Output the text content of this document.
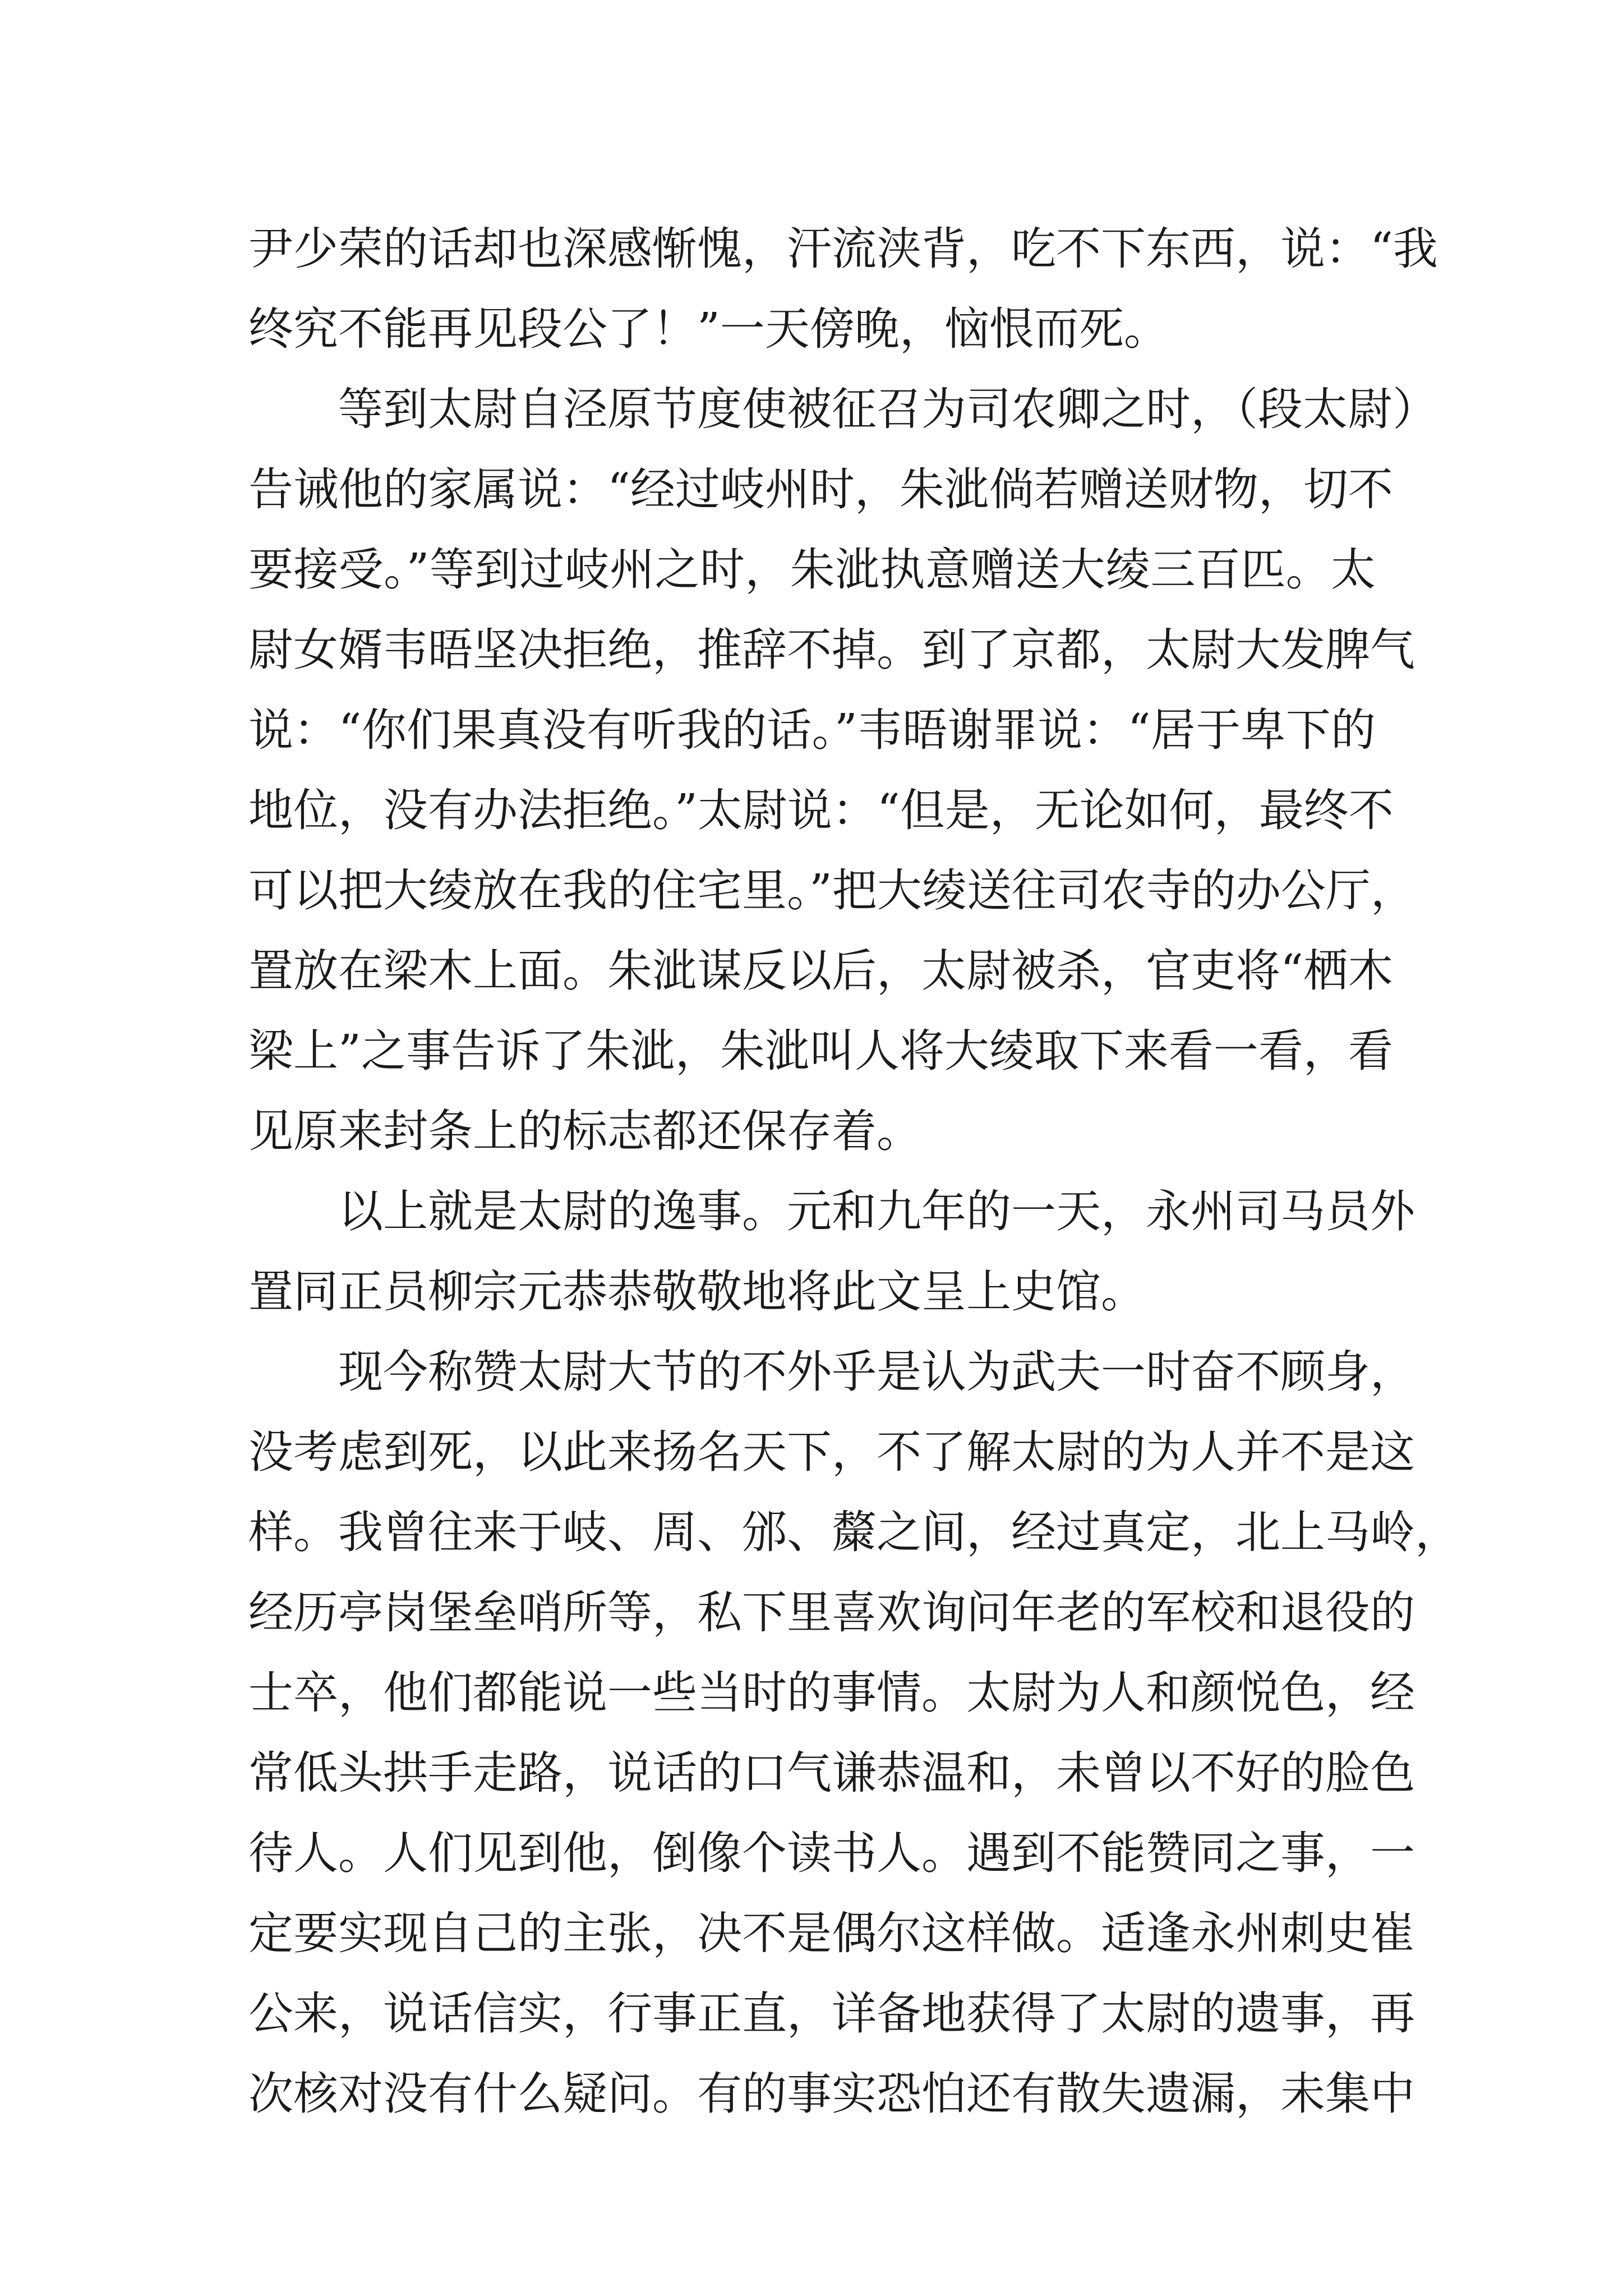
尹少荣的话却也深感惭愧，汗流浃背，吃不下东西，说：“我
终究不能再见段公了！”一天傍晚，恼恨而死。
等到太尉自泾原节度使被征召为司农卿之时，（段太尉）
告诫他的家属说：“经过岐州时，朱泚倘若赠送财物，切不
要接受。”等到过岐州之时，朱泚执意赠送大绫三百匹。太
尉女婿韦晤坚决拒绝，推辞不掉。到了京都，太尉大发脾气
说：“你们果真没有听我的话。”韦晤谢罪说：“居于卑下的
地位，没有办法拒绝。”太尉说：“但是，无论如何，最终不
可以把大绫放在我的住宅里。”把大绫送往司农寺的办公厅，
置放在梁木上面。朱泚谋反以后，太尉被杀，官吏将“栖木
梁上”之事告诉了朱泚，朱泚叫人将大绫取下来看一看，看
见原来封条上的标志都还保存着。
以上就是太尉的逸事。元和九年的一天，永州司马员外
置同正员柳宗元恭恭敬敬地将此文呈上史馆。
现今称赞太尉大节的不外乎是认为武夫一时奋不顾身，
没考虑到死，以此来扬名天下，不了解太尉的为人并不是这
样。我曾往来于岐、周、邠、斄之间，经过真定，北上马岭，
经历亭岗堡垒哨所等，私下里喜欢询问年老的军校和退役的
士卒，他们都能说一些当时的事情。太尉为人和颜悦色，经
常低头拱手走路，说话的口气谦恭温和，未曾以不好的脸色
待人。人们见到他，倒像个读书人。遇到不能赞同之事，一
定要实现自己的主张，决不是偶尔这样做。适逢永州刺史崔
公来，说话信实，行事正直，详备地获得了太尉的遗事，再
次核对没有什么疑问。有的事实恐怕还有散失遗漏，未集中
